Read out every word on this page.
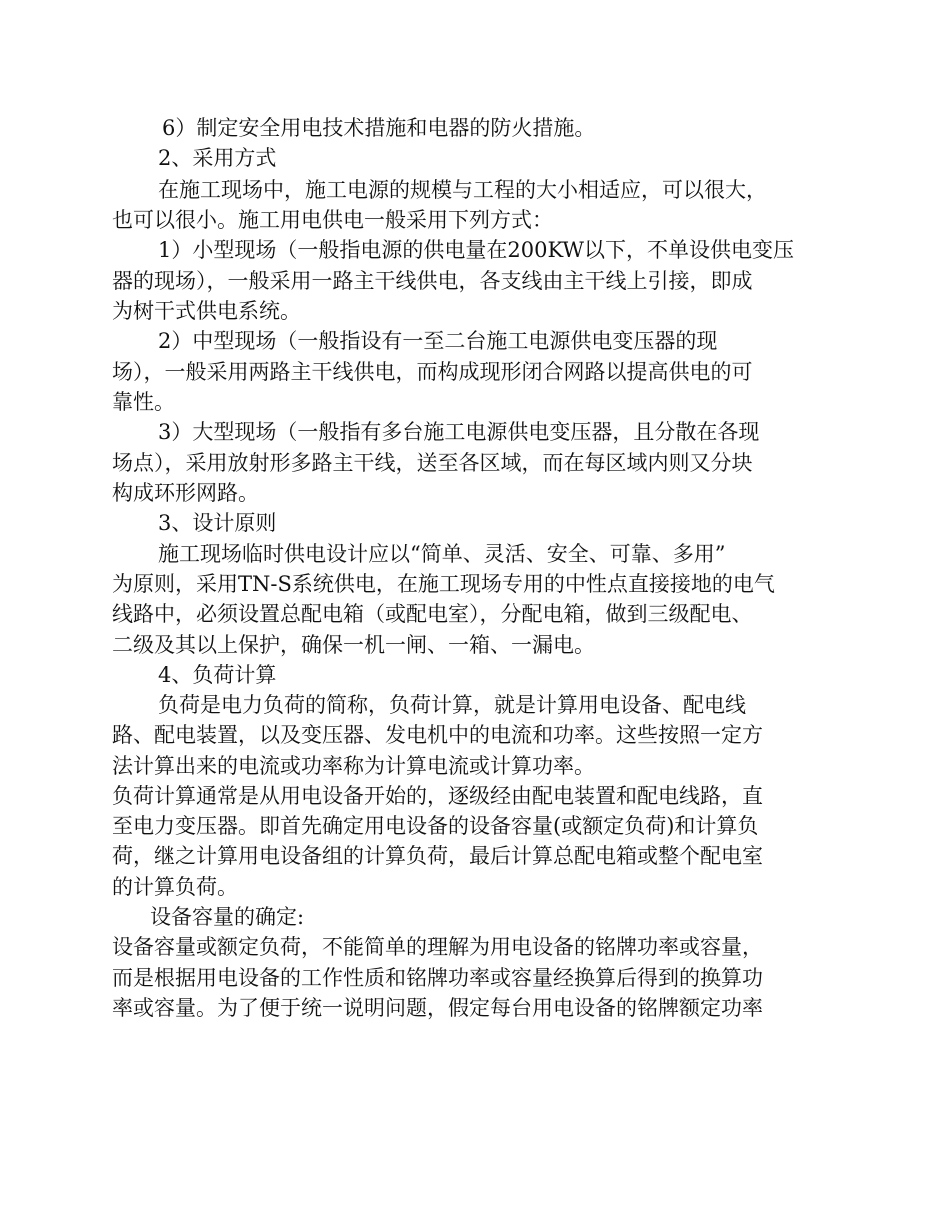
6）制定安全用电技术措施和电器的防火措施。
2、采用方式
在施工现场中，施工电源的规模与工程的大小相适应，可以很大，
也可以很小。施工用电供电一般采用下列方式：
1）小型现场（一般指电源的供电量在200KW以下，不单设供电变压
器的现场），一般采用一路主干线供电，各支线由主干线上引接，即成
为树干式供电系统。
2）中型现场（一般指设有一至二台施工电源供电变压器的现
场），一般采用两路主干线供电，而构成现形闭合网路以提高供电的可
靠性。
3）大型现场（一般指有多台施工电源供电变压器，且分散在各现
场点），采用放射形多路主干线，送至各区域，而在每区域内则又分块
构成环形网路。
3、设计原则
施工现场临时供电设计应以“简单、灵活、安全、可靠、多用”
为原则，采用TN-S系统供电，在施工现场专用的中性点直接接地的电气
线路中，必须设置总配电箱（或配电室），分配电箱，做到三级配电、
二级及其以上保护，确保一机一闸、一箱、一漏电。
4、负荷计算
负荷是电力负荷的简称，负荷计算，就是计算用电设备、配电线
路、配电装置，以及变压器、发电机中的电流和功率。这些按照一定方
法计算出来的电流或功率称为计算电流或计算功率。
负荷计算通常是从用电设备开始的，逐级经由配电装置和配电线路，直
至电力变压器。即首先确定用电设备的设备容量(或额定负荷)和计算负
荷，继之计算用电设备组的计算负荷，最后计算总配电箱或整个配电室
的计算负荷。
设备容量的确定:
设备容量或额定负荷，不能简单的理解为用电设备的铭牌功率或容量，
而是根据用电设备的工作性质和铭牌功率或容量经换算后得到的换算功
率或容量。为了便于统一说明问题，假定每台用电设备的铭牌额定功率
